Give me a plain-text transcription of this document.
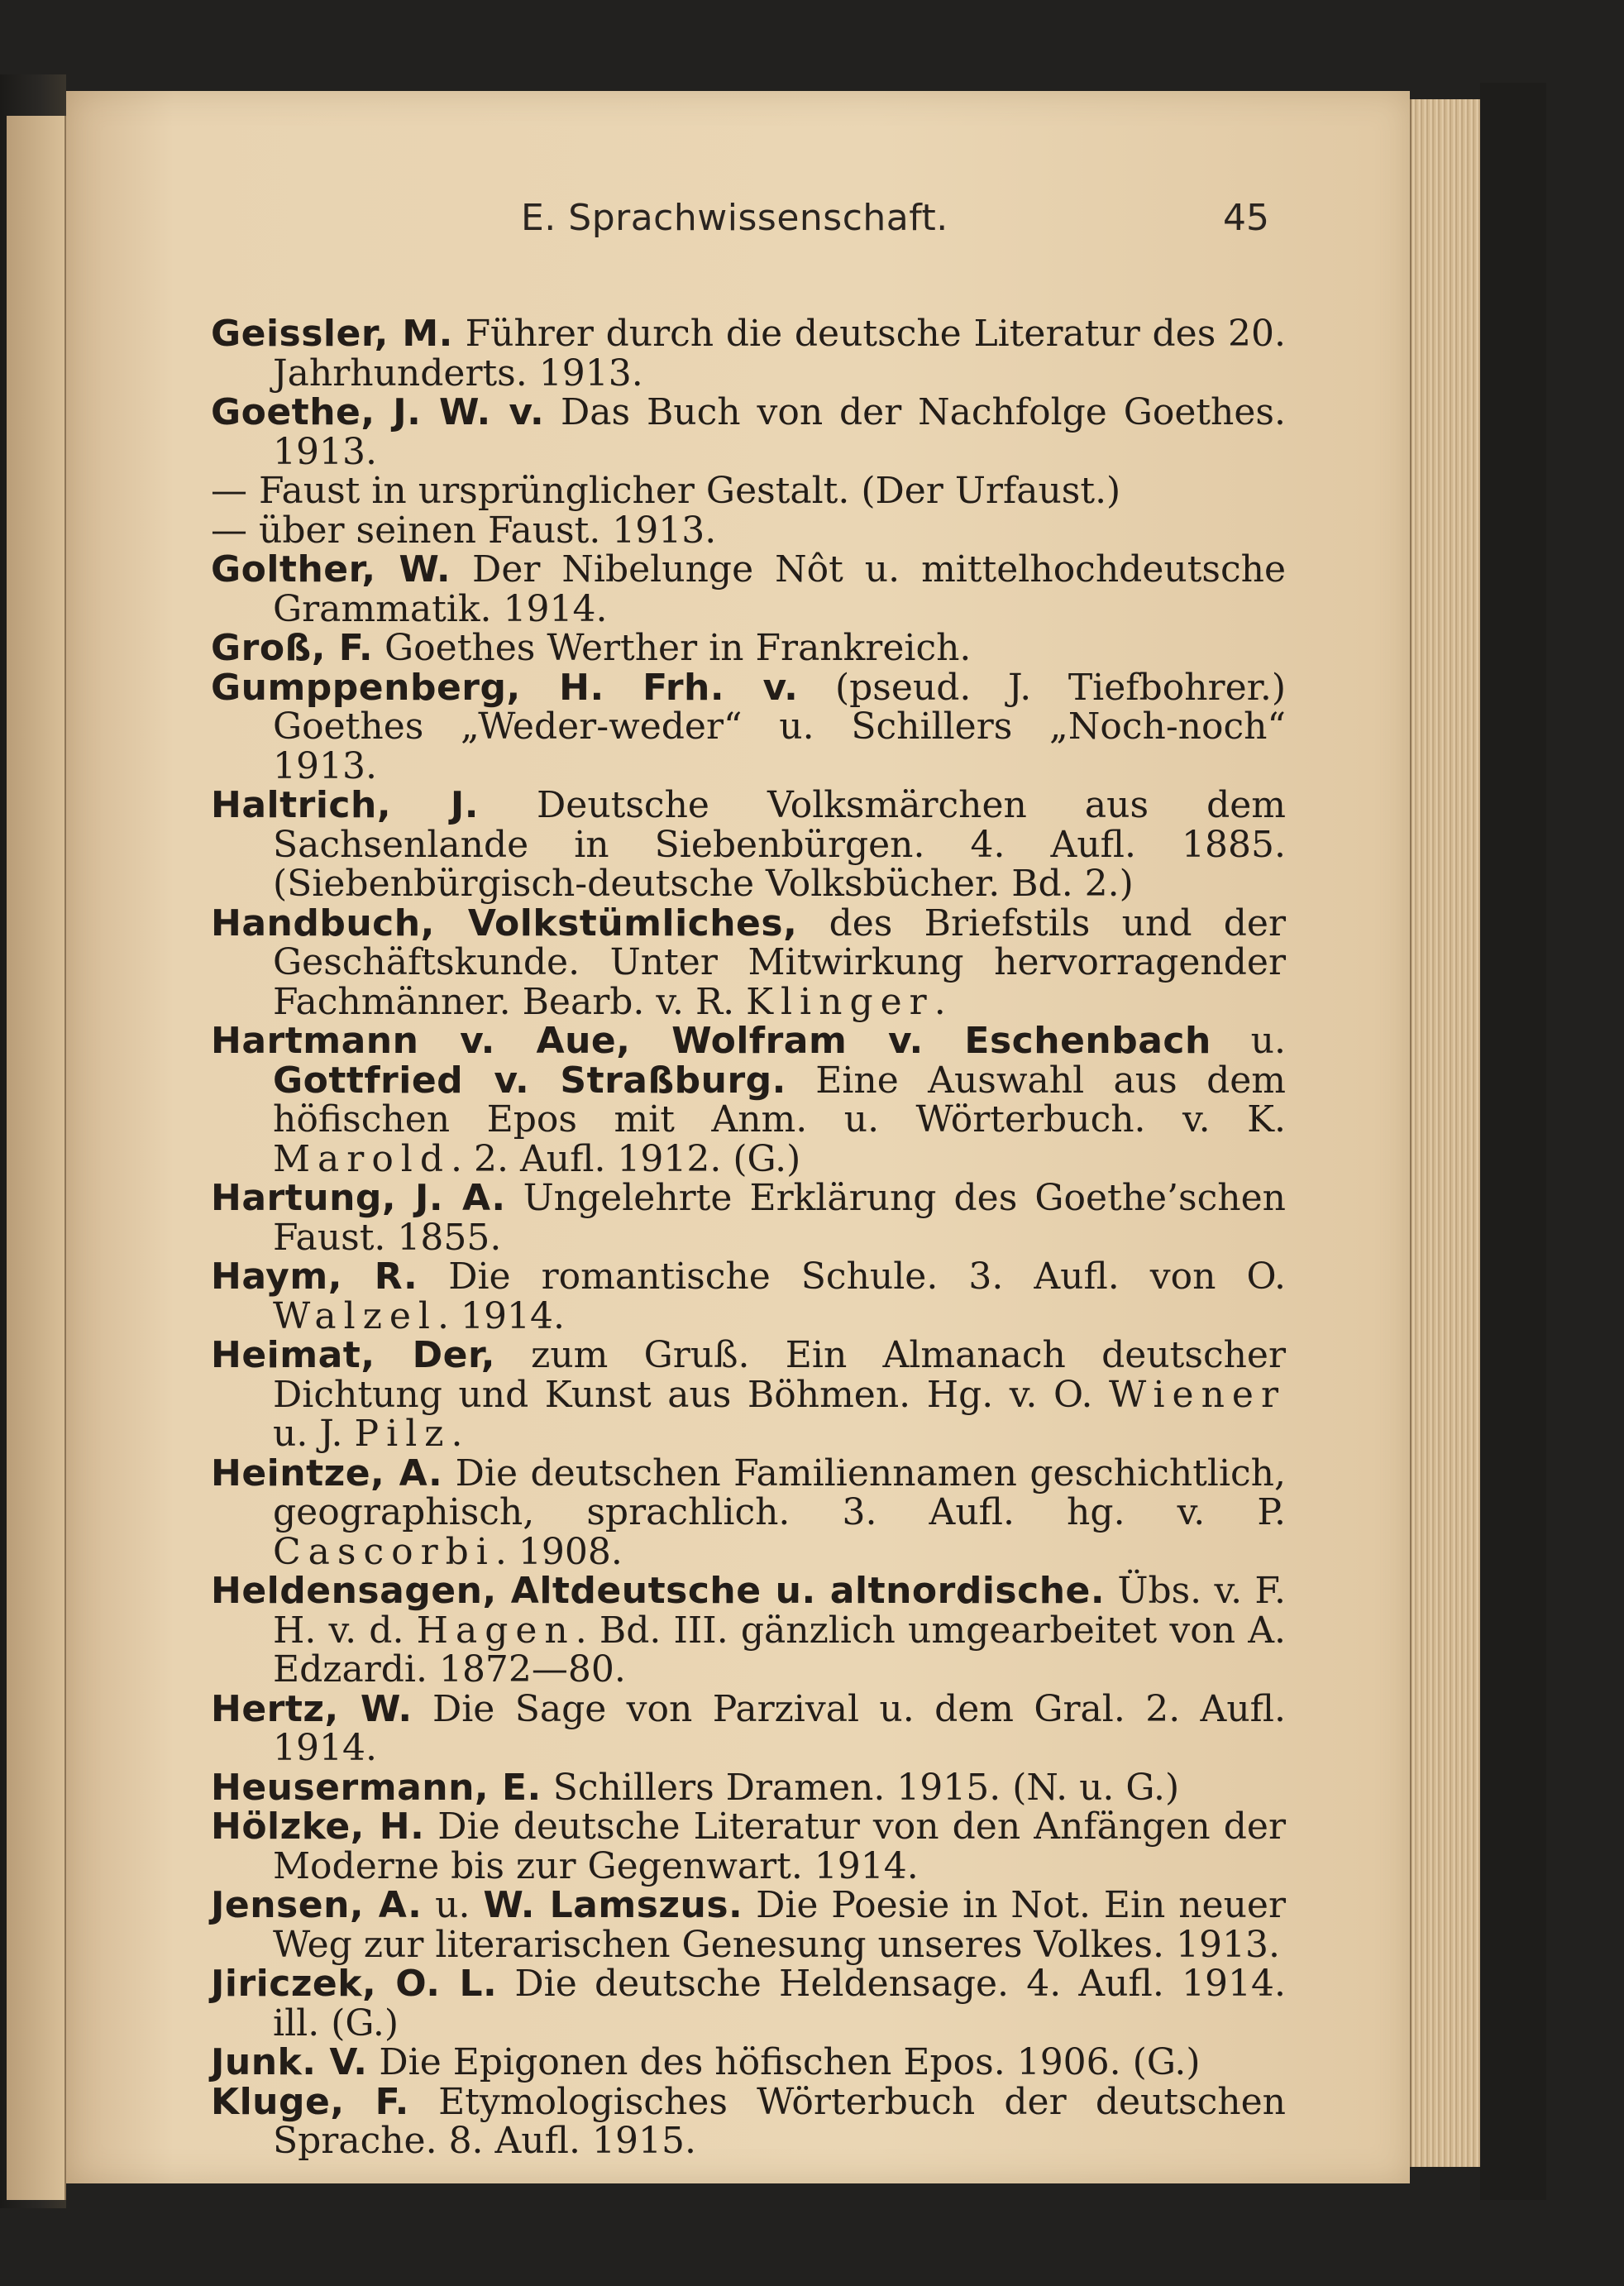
E. Sprachwissenschaft.	45
Geissler, M. Führer durch die deutsche Literatur des 20. Jahrhunderts. 1913.
Goethe, J. W. v. Das Buch von der Nachfolge Goethes. 1913.
— Faust in ursprünglicher Gestalt. (Der Urfaust.)
— über seinen Faust. 1913.
Golther, W. Der Nibelunge Nôt u. mittelhochdeutsche Grammatik. 1914.
Groß, F. Goethes Werther in Frankreich.
Gumppenberg, H. Frh. v. (pseud. J. Tiefbohrer.) Goethes „Weder-weder“ u. Schillers „Noch-noch“ 1913.
Haltrich, J. Deutsche Volksmärchen aus dem Sachsenlande in Siebenbürgen. 4. Aufl. 1885. (Siebenbürgisch-deutsche Volksbücher. Bd. 2.)
Handbuch, Volkstümliches, des Briefstils und der Geschäftskunde. Unter Mitwirkung hervorragender Fachmänner. Bearb. v. R. Klinger.
Hartmann v. Aue, Wolfram v. Eschenbach u. Gottfried v. Straßburg. Eine Auswahl aus dem höfischen Epos mit Anm. u. Wörterbuch. v. K. Marold. 2. Aufl. 1912. (G.)
Hartung, J. A. Ungelehrte Erklärung des Goethe’schen Faust. 1855.
Haym, R. Die romantische Schule. 3. Aufl. von O. Walzel. 1914.
Heimat, Der, zum Gruß. Ein Almanach deutscher Dichtung und Kunst aus Böhmen. Hg. v. O. Wiener u. J. Pilz.
Heintze, A. Die deutschen Familiennamen geschichtlich, geographisch, sprachlich. 3. Aufl. hg. v. P. Cascorbi. 1908.
Heldensagen, Altdeutsche u. altnordische. Übs. v. F. H. v. d. Hagen. Bd. III. gänzlich umgearbeitet von A. Edzardi. 1872—80.
Hertz, W. Die Sage von Parzival u. dem Gral. 2. Aufl. 1914.
Heusermann, E. Schillers Dramen. 1915. (N. u. G.)
Hölzke, H. Die deutsche Literatur von den Anfängen der Moderne bis zur Gegenwart. 1914.
Jensen, A. u. W. Lamszus. Die Poesie in Not. Ein neuer Weg zur literarischen Genesung unseres Volkes. 1913.
Jiriczek, O. L. Die deutsche Heldensage. 4. Aufl. 1914. ill. (G.)
Junk. V. Die Epigonen des höfischen Epos. 1906. (G.)
Kluge, F. Etymologisches Wörterbuch der deutschen Sprache. 8. Aufl. 1915.
